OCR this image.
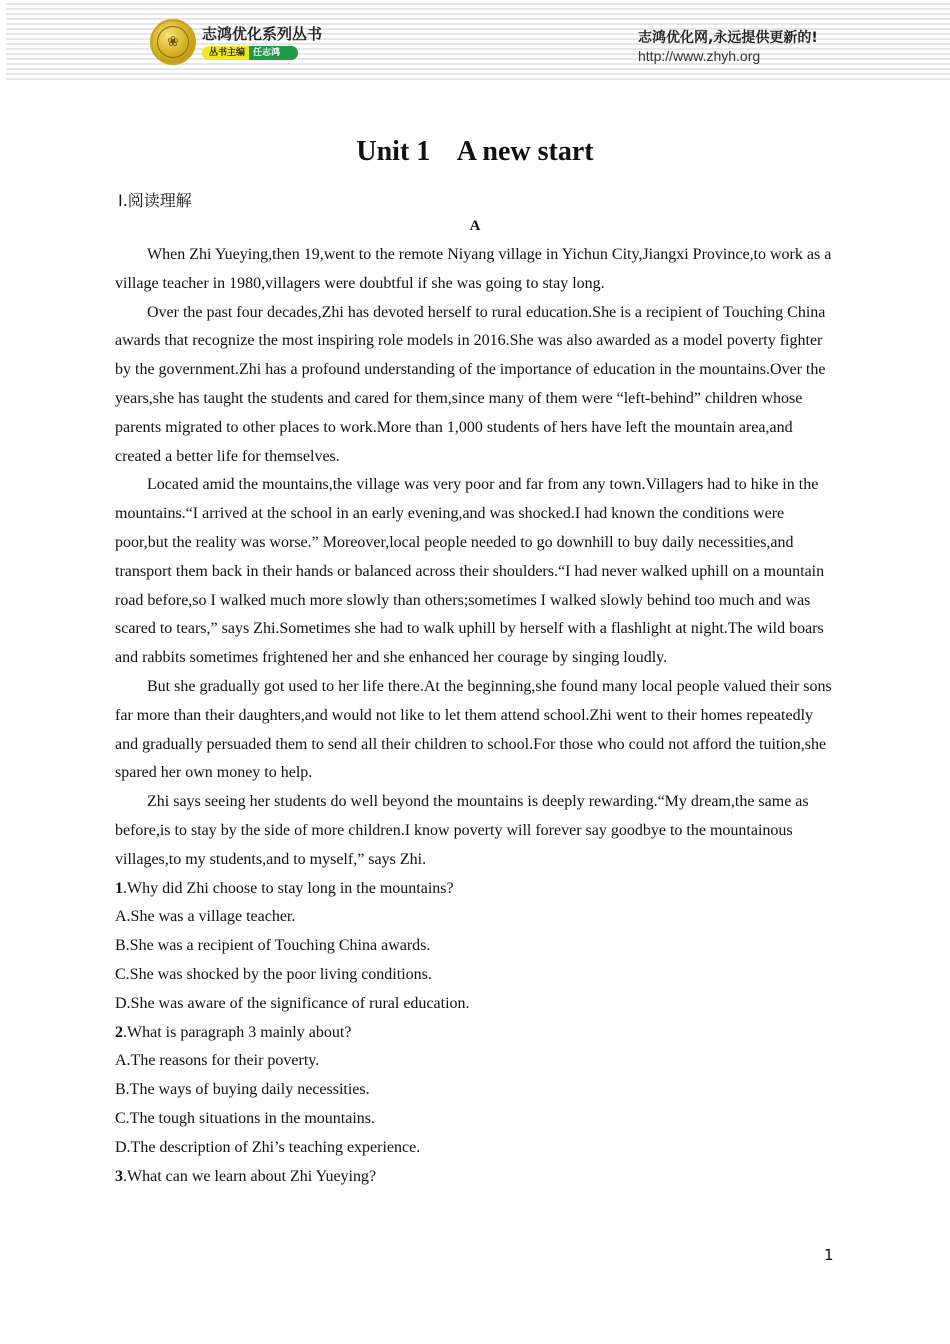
❀	志鸿优化系列丛书
丛书主编 任志鸿
志鸿优化网,永远提供更新的!
http://www.zhyh.org
Unit 1    A new start
Ⅰ.阅读理解
A

When Zhi Yueying,then 19,went to the remote Niyang village in Yichun City,Jiangxi Province,to work as a village teacher in 1980,villagers were doubtful if she was going to stay long.

Over the past four decades,Zhi has devoted herself to rural education.She is a recipient of Touching China awards that recognize the most inspiring role models in 2016.She was also awarded as a model poverty fighter by the government.Zhi has a profound understanding of the importance of education in the mountains.Over the years,she has taught the students and cared for them,since many of them were “left-behind” children whose parents migrated to other places to work.More than 1,000 students of hers have left the mountain area,and created a better life for themselves.

Located amid the mountains,the village was very poor and far from any town.Villagers had to hike in the mountains.“I arrived at the school in an early evening,and was shocked.I had known the conditions were poor,but the reality was worse.” Moreover,local people needed to go downhill to buy daily necessities,and transport them back in their hands or balanced across their shoulders.“I had never walked uphill on a mountain road before,so I walked much more slowly than others;sometimes I walked slowly behind too much and was scared to tears,” says Zhi.Sometimes she had to walk uphill by herself with a flashlight at night.The wild boars and rabbits sometimes frightened her and she enhanced her courage by singing loudly.

But she gradually got used to her life there.At the beginning,she found many local people valued their sons far more than their daughters,and would not like to let them attend school.Zhi went to their homes repeatedly and gradually persuaded them to send all their children to school.For those who could not afford the tuition,she spared her own money to help.

Zhi says seeing her students do well beyond the mountains is deeply rewarding.“My dream,the same as before,is to stay by the side of more children.I know poverty will forever say goodbye to the mountainous villages,to my students,and to myself,” says Zhi.

1.Why did Zhi choose to stay long in the mountains?
A.She was a village teacher.
B.She was a recipient of Touching China awards.
C.She was shocked by the poor living conditions.
D.She was aware of the significance of rural education.
2.What is paragraph 3 mainly about?
A.The reasons for their poverty.
B.The ways of buying daily necessities.
C.The tough situations in the mountains.
D.The description of Zhi’s teaching experience.
3.What can we learn about Zhi Yueying?
1
